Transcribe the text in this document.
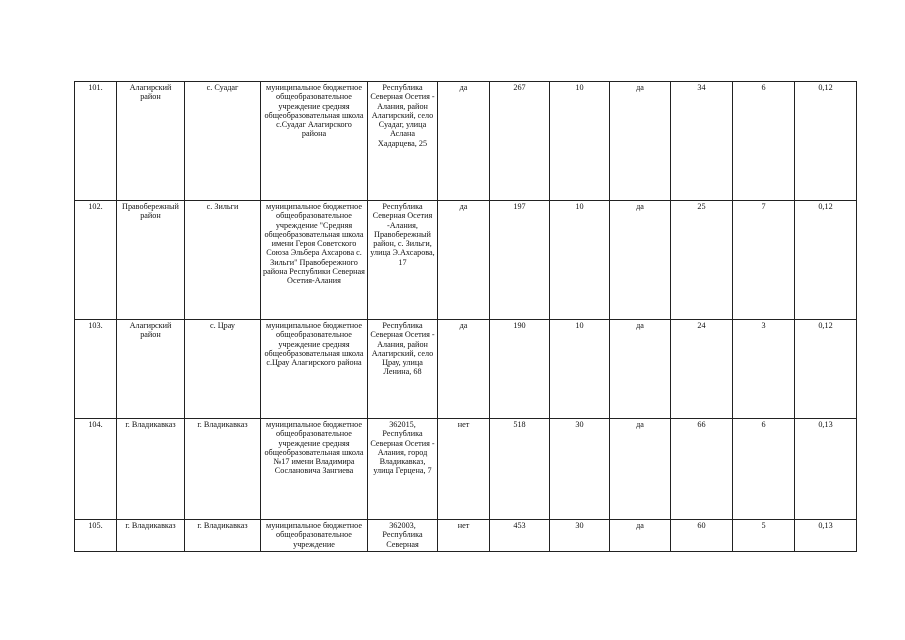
101.	Алагирский район	с. Суадаг	муниципальное бюджетное общеобразовательное учреждение средняя общеобразовательная школа с.Суадаг Алагирского района	Республика Северная Осетия - Алания, район Алагирский, село Суадаг, улица Аслана Хадарцева, 25	да	267	10	да	34	6	0,12
102.	Правобережный район	с. Зильги	муниципальное бюджетное общеобразовательное учреждение "Средняя общеобразовательная школа имени Героя Советского Союза Эльбера Ахсарова с. Зильги" Правобережного района Республики Северная Осетия-Алания	Республика Северная Осетия -Алания, Правобережный район, с. Зильги, улица Э.Ахсарова, 17	да	197	10	да	25	7	0,12
103.	Алагирский район	с. Црау	муниципальное бюджетное общеобразовательное учреждение средняя общеобразовательная школа с.Црау Алагирского района	Республика Северная Осетия - Алания, район Алагирский, село Црау, улица Ленина, 68	да	190	10	да	24	3	0,12
104.	г. Владикавказ	г. Владикавказ	муниципальное бюджетное общеобразовательное учреждение средняя общеобразовательная школа №17 имени Владимира Сослановича Зангиева	362015, Республика Северная Осетия - Алания, город Владикавказ, улица Герцена, 7	нет	518	30	да	66	6	0,13
105.	г. Владикавказ	г. Владикавказ	муниципальное бюджетное общеобразовательное учреждение	362003, Республика Северная	нет	453	30	да	60	5	0,13
